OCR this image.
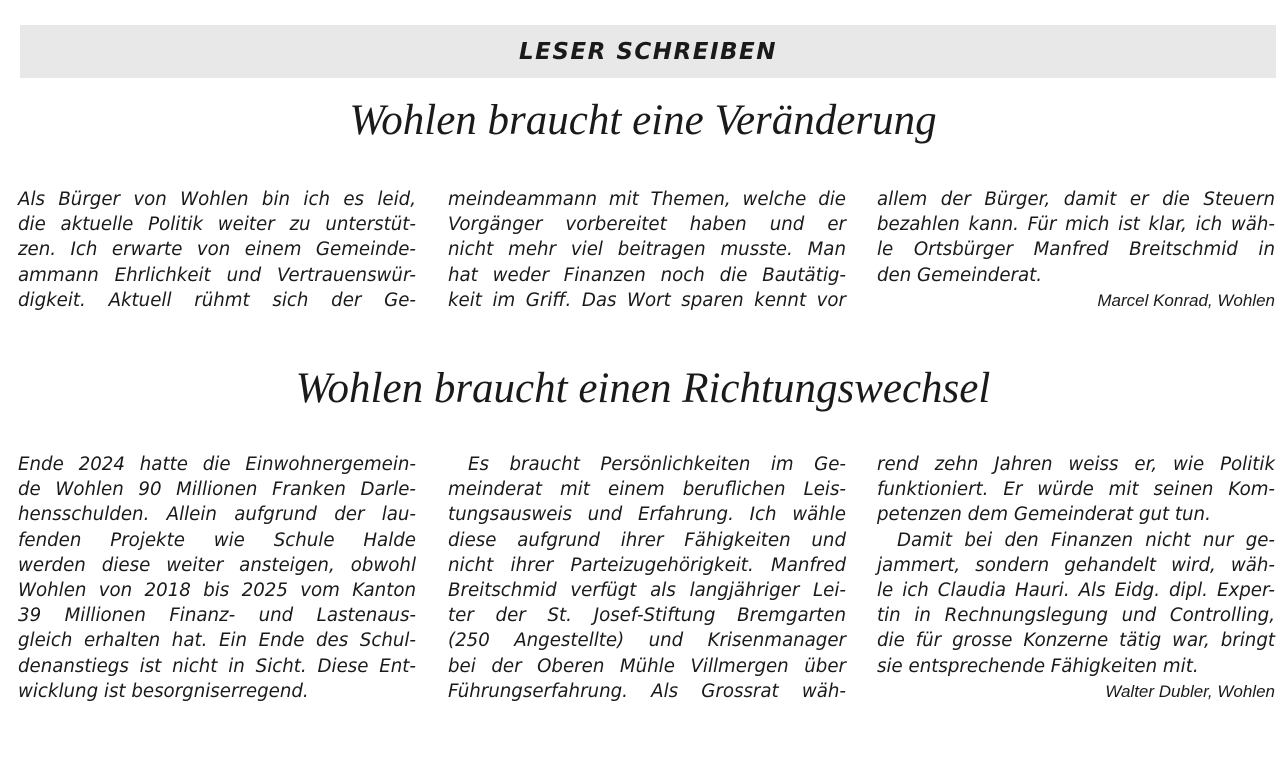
LESER SCHREIBEN
Wohlen braucht eine Veränderung
Als Bürger von Wohlen bin ich es leid,
die aktuelle Politik weiter zu unterstüt-
zen. Ich erwarte von einem Gemeinde-
ammann Ehrlichkeit und Vertrauenswür-
digkeit. Aktuell rühmt sich der Ge-
meindeammann mit Themen, welche die
Vorgänger vorbereitet haben und er
nicht mehr viel beitragen musste. Man
hat weder Finanzen noch die Bautätig-
keit im Griff. Das Wort sparen kennt vor
allem der Bürger, damit er die Steuern
bezahlen kann. Für mich ist klar, ich wäh-
le Ortsbürger Manfred Breitschmid in
den Gemeinderat.
Marcel Konrad, Wohlen
Wohlen braucht einen Richtungswechsel
Ende 2024 hatte die Einwohnergemein-
de Wohlen 90 Millionen Franken Darle-
hensschulden. Allein aufgrund der lau-
fenden Projekte wie Schule Halde
werden diese weiter ansteigen, obwohl
Wohlen von 2018 bis 2025 vom Kanton
39 Millionen Finanz- und Lastenaus-
gleich erhalten hat. Ein Ende des Schul-
denanstiegs ist nicht in Sicht. Diese Ent-
wicklung ist besorgniserregend.
Es braucht Persönlichkeiten im Ge-
meinderat mit einem beruflichen Leis-
tungsausweis und Erfahrung. Ich wähle
diese aufgrund ihrer Fähigkeiten und
nicht ihrer Parteizugehörigkeit. Manfred
Breitschmid verfügt als langjähriger Lei-
ter der St. Josef-Stiftung Bremgarten
(250 Angestellte) und Krisenmanager
bei der Oberen Mühle Villmergen über
Führungserfahrung. Als Grossrat wäh-
rend zehn Jahren weiss er, wie Politik
funktioniert. Er würde mit seinen Kom-
petenzen dem Gemeinderat gut tun.
Damit bei den Finanzen nicht nur ge-
jammert, sondern gehandelt wird, wäh-
le ich Claudia Hauri. Als Eidg. dipl. Exper-
tin in Rechnungslegung und Controlling,
die für grosse Konzerne tätig war, bringt
sie entsprechende Fähigkeiten mit.
Walter Dubler, Wohlen
